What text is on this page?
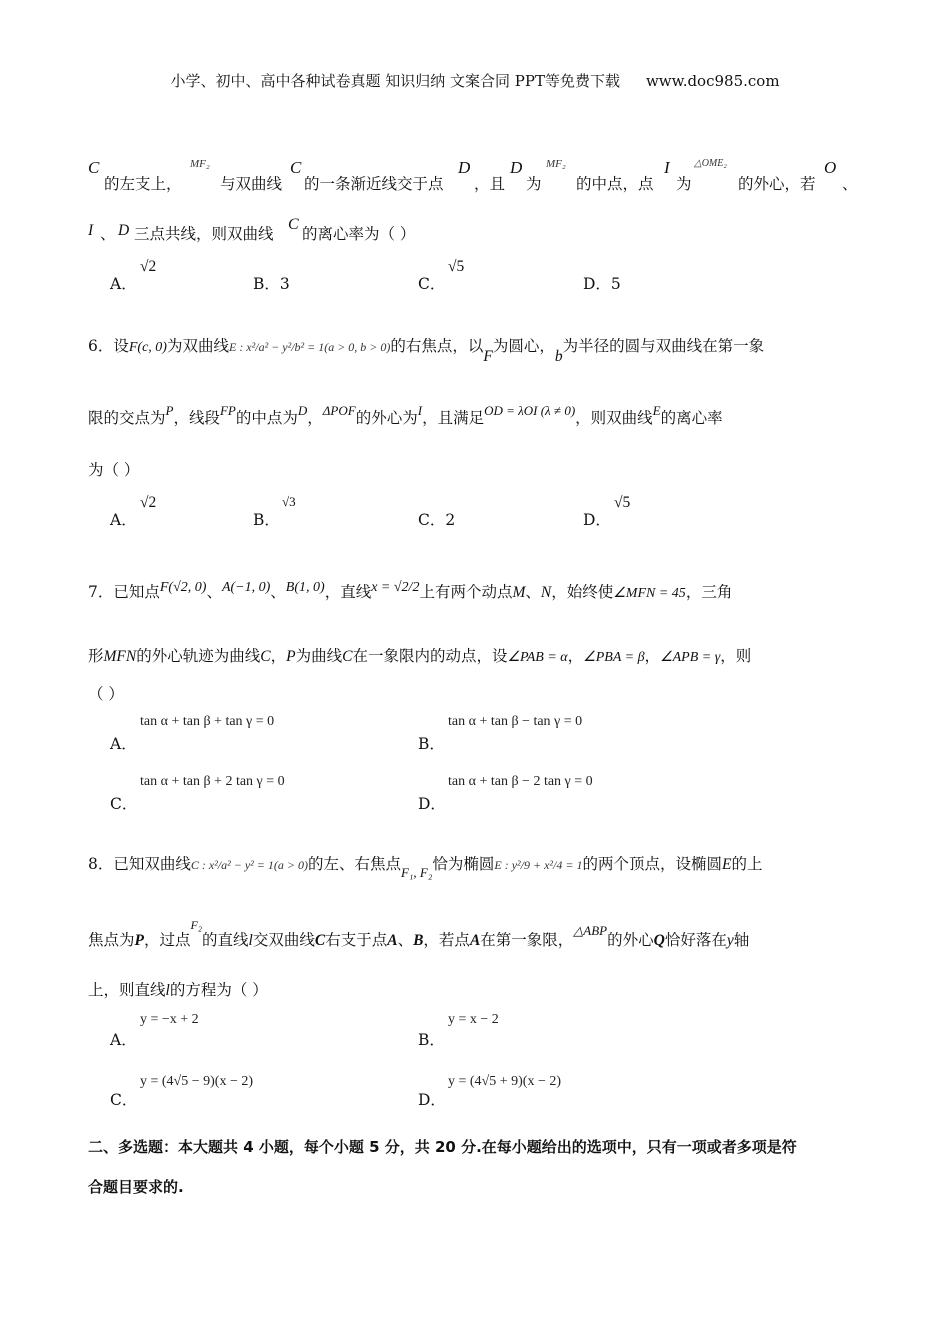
小学、初中、高中各种试卷真题 知识归纳 文案合同 PPT等免费下载 www.doc985.com
C
的左支上，
MF₂
与双曲线
C
的一条渐近线交于点
D
，且
D
为
MF₂
的中点，点
I
为
△OME₂
的外心，若
O
、
I 、 D 三点共线，则双曲线
C
的离心率为（ ）
A．
√2
B．3	C．
√5
D．5
6．设F(c, 0)为双曲线E : x²/a² − y²/b² = 1(a > 0, b > 0)的右焦点，以F为圆心，b为半径的圆与双曲线在第一象
限的交点为$^P$，线段$^{FP}$的中点为$^D$，$^{\Delta POF}$的外心为$^I$，且满足$^{OD = \lambda OI (\lambda \ne 0)}$，则双曲线$^E$的离心率
为（ ）
A．
√2
B．
√3
C．2	D．
√5
7．已知点F(√2, 0)、A(−1, 0)、B(1, 0)，直线x = √2/2上有两个动点M、N，始终使∠MFN = 45，三角
形MFN的外心轨迹为曲线C，P为曲线C在一象限内的动点，设∠PAB = α，∠PBA = β，∠APB = γ，则
（ ）
A．
tan α + tan β + tan γ = 0
B．
tan α + tan β − tan γ = 0
C．
tan α + tan β + 2 tan γ = 0
D．
tan α + tan β − 2 tan γ = 0
8．已知双曲线C : x²/a² − y² = 1(a > 0)的左、右焦点$_{F_1, F_2}$恰为椭圆E : y²/9 + x²/4 = 1的两个顶点，设椭圆E的上
焦点为P，过点$^{F_2}$的直线l交双曲线C右支于点A、B，若点A在第一象限，$^{\triangle ABP}$的外心Q恰好落在y轴
上，则直线l的方程为（ ）
A．
y = −x + 2
B．
y = x − 2
C．
y = (4√5 − 9)(x − 2)
D．
y = (4√5 + 9)(x − 2)
二、多选题：本大题共 4 小题，每个小题 5 分，共 20 分.在每小题给出的选项中，只有一项或者多项是符
合题目要求的.
